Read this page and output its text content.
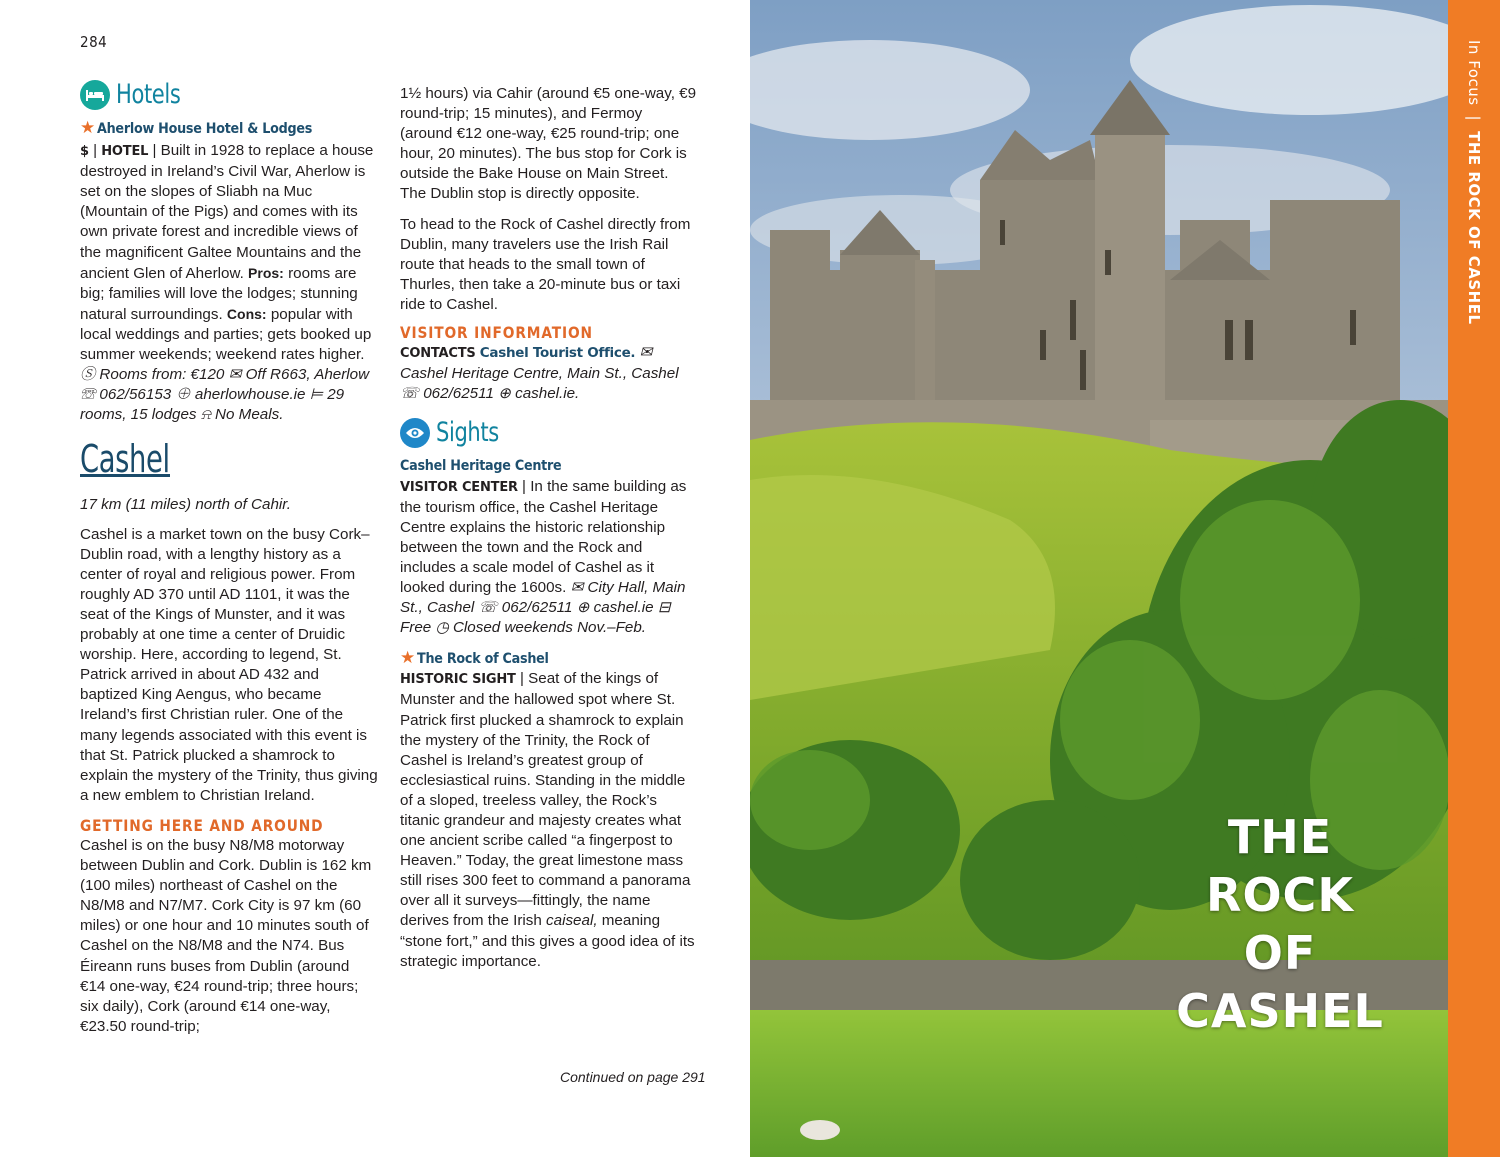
284
Hotels
★ Aherlow House Hotel & Lodges

$ | HOTEL | Built in 1928 to replace a house destroyed in Ireland’s Civil War, Aherlow is set on the slopes of Sliabh na Muc (Mountain of the Pigs) and comes with its own private forest and incredible views of the magnificent Galtee Mountains and the ancient Glen of Aherlow. Pros: rooms are big; families will love the lodges; stunning natural surroundings. Cons: popular with local weddings and parties; gets booked up summer weekends; weekend rates higher. Ⓢ Rooms from: €120 ✉ Off R663, Aherlow ☏ 062/56153 ⊕ aherlowhouse.ie ⊨ 29 rooms, 15 lodges ⍾ No Meals.

Cashel

17 km (11 miles) north of Cahir.

Cashel is a market town on the busy Cork–Dublin road, with a lengthy history as a center of royal and religious power. From roughly AD 370 until AD 1101, it was the seat of the Kings of Munster, and it was probably at one time a center of Druidic worship. Here, according to legend, St. Patrick arrived in about AD 432 and baptized King Aengus, who became Ireland’s first Christian ruler. One of the many legends associated with this event is that St. Patrick plucked a shamrock to explain the mystery of the Trinity, thus giving a new emblem to Christian Ireland.

GETTING HERE AND AROUND

Cashel is on the busy N8/M8 motorway between Dublin and Cork. Dublin is 162 km (100 miles) northeast of Cashel on the N8/M8 and N7/M7. Cork City is 97 km (60 miles) or one hour and 10 minutes south of Cashel on the N8/M8 and the N74. Bus Éireann runs buses from Dublin (around €14 one-way, €24 round-trip; three hours; six daily), Cork (around €14 one-way, €23.50 round-trip;

1½ hours) via Cahir (around €5 one-way, €9 round-trip; 15 minutes), and Fermoy (around €12 one-way, €25 round-trip; one hour, 20 minutes). The bus stop for Cork is outside the Bake House on Main Street. The Dublin stop is directly opposite.

To head to the Rock of Cashel directly from Dublin, many travelers use the Irish Rail route that heads to the small town of Thurles, then take a 20-minute bus or taxi ride to Cashel.

VISITOR INFORMATION

CONTACTS Cashel Tourist Office. ✉ Cashel Heritage Centre, Main St., Cashel ☏ 062/62511 ⊕ cashel.ie.

Sights
Cashel Heritage Centre

VISITOR CENTER | In the same building as the tourism office, the Cashel Heritage Centre explains the historic relationship between the town and the Rock and includes a scale model of Cashel as it looked during the 1600s. ✉ City Hall, Main St., Cashel ☏ 062/62511 ⊕ cashel.ie ⊟ Free ◷ Closed weekends Nov.–Feb.

★ The Rock of Cashel

HISTORIC SIGHT | Seat of the kings of Munster and the hallowed spot where St. Patrick first plucked a shamrock to explain the mystery of the Trinity, the Rock of Cashel is Ireland’s greatest group of ecclesiastical ruins. Standing in the middle of a sloped, treeless valley, the Rock’s titanic grandeur and majesty creates what one ancient scribe called “a fingerpost to Heaven.” Today, the great limestone mass still rises 300 feet to command a panorama over all it surveys—fittingly, the name derives from the Irish caiseal, meaning “stone fort,” and this gives a good idea of its strategic importance.

Continued on page 291
THE ROCK
OF
CASHEL
In Focus|THE ROCK OF CASHEL
